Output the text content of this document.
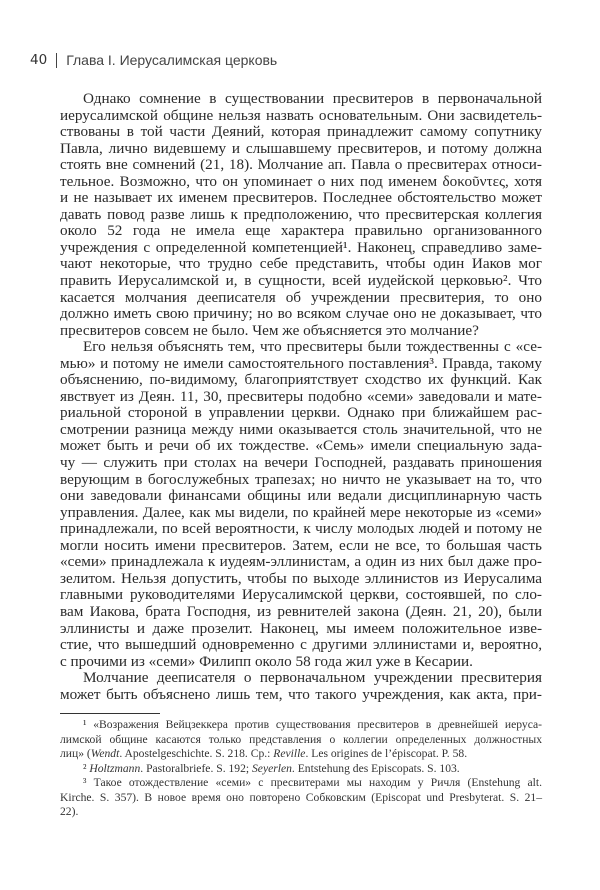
40 Глава I. Иерусалимская церковь
Однако сомнение в существовании пресвитеров в первоначальной
иерусалимской общине нельзя назвать основательным. Они засвидетель-
ствованы в той части Деяний, которая принадлежит самому сопутнику
Павла, лично видевшему и слышавшему пресвитеров, и потому должна
стоять вне сомнений (21, 18). Молчание ап. Павла о пресвитерах относи-
тельное. Возможно, что он упоминает о них под именем δοκοῦντες, хотя
и не называет их именем пресвитеров. Последнее обстоятельство может
давать повод разве лишь к предположению, что пресвитерская коллегия
около 52 года не имела еще характера правильно организованного
учреждения с определенной компетенцией¹. Наконец, справедливо заме-
чают некоторые, что трудно себе представить, чтобы один Иаков мог
править Иерусалимской и, в сущности, всей иудейской церковью². Что
касается молчания дееписателя об учреждении пресвитерия, то оно
должно иметь свою причину; но во всяком случае оно не доказывает, что
пресвитеров совсем не было. Чем же объясняется это молчание?
Его нельзя объяснять тем, что пресвитеры были тождественны с «се-
мью» и потому не имели самостоятельного поставления³. Правда, такому
объяснению, по-видимому, благоприятствует сходство их функций. Как
явствует из Деян. 11, 30, пресвитеры подобно «семи» заведовали и мате-
риальной стороной в управлении церкви. Однако при ближайшем рас-
смотрении разница между ними оказывается столь значительной, что не
может быть и речи об их тождестве. «Семь» имели специальную зада-
чу — служить при столах на вечери Господней, раздавать приношения
верующим в богослужебных трапезах; но ничто не указывает на то, что
они заведовали финансами общины или ведали дисциплинарную часть
управления. Далее, как мы видели, по крайней мере некоторые из «семи»
принадлежали, по всей вероятности, к числу молодых людей и потому не
могли носить имени пресвитеров. Затем, если не все, то большая часть
«семи» принадлежала к иудеям-эллинистам, а один из них был даже про-
зелитом. Нельзя допустить, чтобы по выходе эллинистов из Иерусалима
главными руководителями Иерусалимской церкви, состоявшей, по сло-
вам Иакова, брата Господня, из ревнителей закона (Деян. 21, 20), были
эллинисты и даже прозелит. Наконец, мы имеем положительное изве-
стие, что вышедший одновременно с другими эллинистами и, вероятно,
с прочими из «семи» Филипп около 58 года жил уже в Кесарии.
Молчание дееписателя о первоначальном учреждении пресвитерия
может быть объяснено лишь тем, что такого учреждения, как акта, при-
¹ «Возражения Вейцзеккера против существования пресвитеров в древнейшей иеруса-
лимской общине касаются только представления о коллегии определенных должностных
лиц» (Wendt. Apostelgeschichte. S. 218. Ср.: Reville. Les origines de l’épiscopat. P. 58.
² Holtzmann. Pastoralbriefe. S. 192; Seyerlen. Entstehung des Episcopats. S. 103.
³ Такое отождествление «семи» с пресвитерами мы находим у Ричля (Enstehung alt.
Kirche. S. 357). В новое время оно повторено Собковским (Episcopat und Presbyterat. S. 21–
22).
